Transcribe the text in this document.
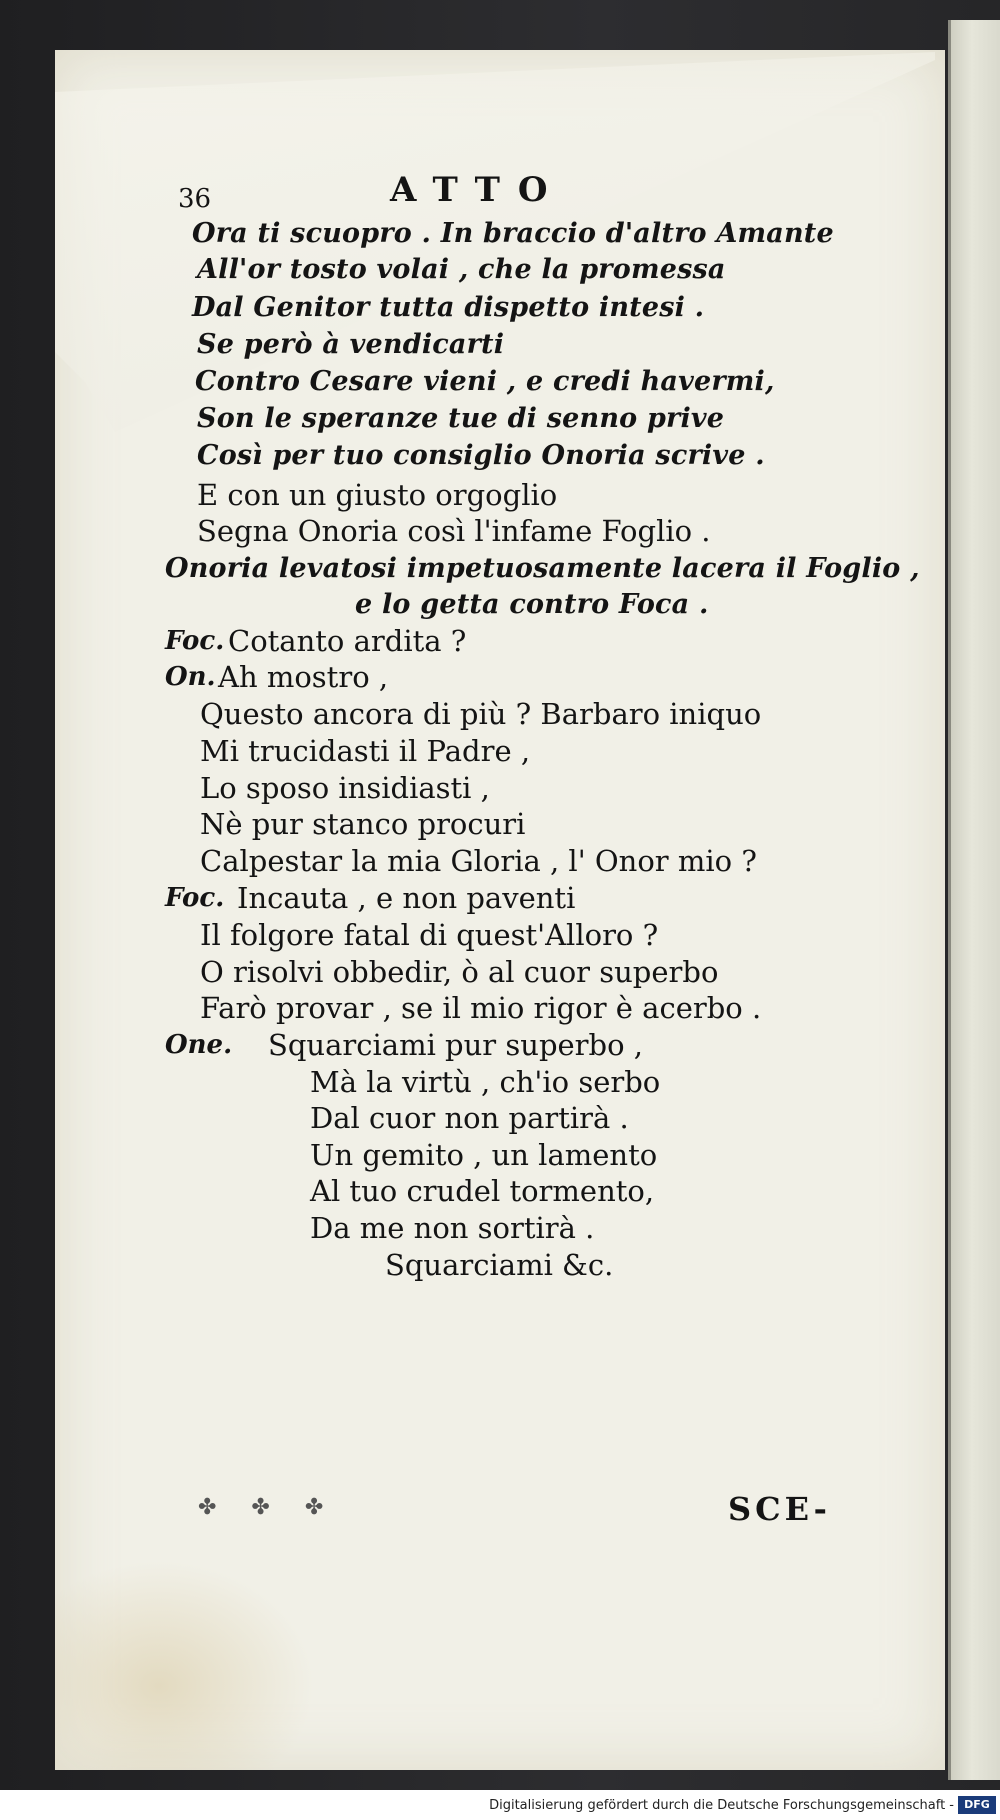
36	ATTO
Ora ti scuopro . In braccio d'altro Amante
All'or tosto volai , che la promessa
Dal Genitor tutta dispetto intesi .
Se però à vendicarti
Contro Cesare vieni , e credi havermi,
Son le speranze tue di senno prive
Così per tuo consiglio Onoria scrive .
E con un giusto orgoglio
Segna Onoria così l'infame Foglio .
Onoria levatosi impetuosamente lacera il Foglio ,
e lo getta contro Foca .
Foc. Cotanto ardita ?
On. Ah mostro ,
Questo ancora di più ? Barbaro iniquo
Mi trucidasti il Padre ,
Lo sposo insidiasti ,
Nè pur stanco procuri
Calpestar la mia Gloria , l' Onor mio ?
Foc. Incauta , e non paventi
Il folgore fatal di quest'Alloro ?
O risolvi obbedir, ò al cuor superbo
Farò provar , se il mio rigor è acerbo .
One. Squarciami pur superbo ,
Mà la virtù , ch'io serbo
Dal cuor non partirà .
Un gemito , un lamento
Al tuo crudel tormento,
Da me non sortirà .
Squarciami &c.
✤ ✤ ✤	SCE-
Digitalisierung gefördert durch die Deutsche Forschungsgemeinschaft - DFG
